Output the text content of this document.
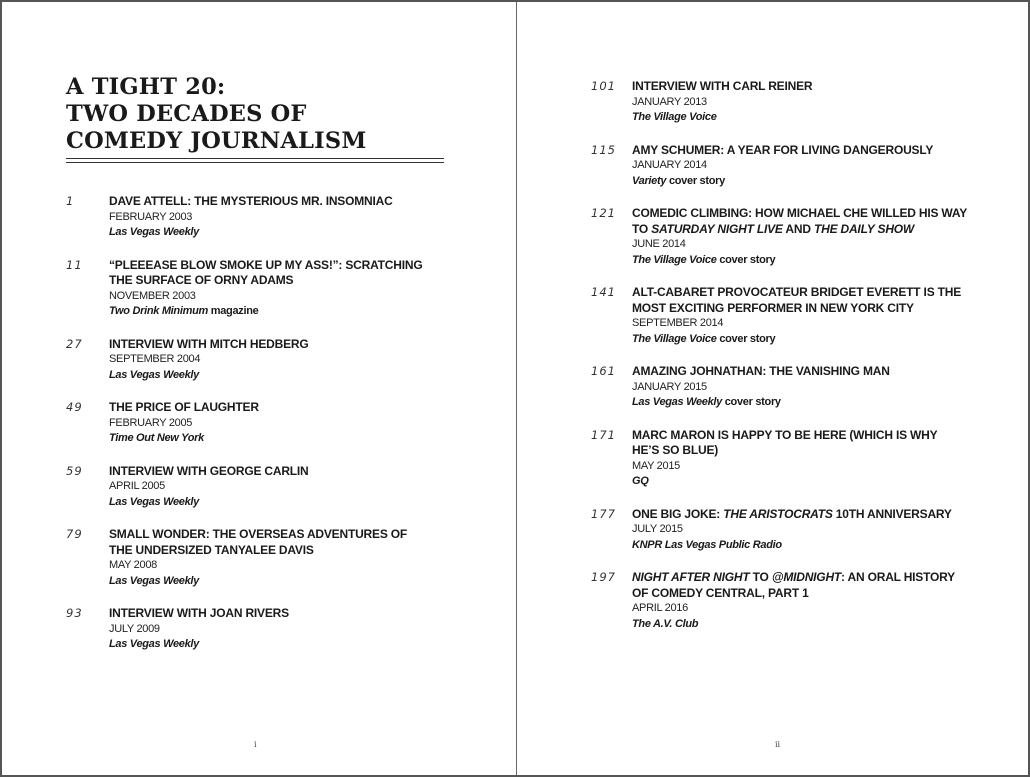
A TIGHT 20:
TWO DECADES OF
COMEDY JOURNALISM
1	DAVE ATTELL: THE MYSTERIOUS MR. INSOMNIAC
FEBRUARY 2003
Las Vegas Weekly
11 “PLEEEASE BLOW SMOKE UP MY ASS!”: SCRATCHING THE SURFACE OF ORNY ADAMS
NOVEMBER 2003
Two Drink Minimum magazine
27 INTERVIEW WITH MITCH HEDBERG
SEPTEMBER 2004
Las Vegas Weekly
49 THE PRICE OF LAUGHTER
FEBRUARY 2005
Time Out New York
59 INTERVIEW WITH GEORGE CARLIN
APRIL 2005
Las Vegas Weekly
79 SMALL WONDER: THE OVERSEAS ADVENTURES OF THE UNDERSIZED TANYALEE DAVIS
MAY 2008
Las Vegas Weekly
93 INTERVIEW WITH JOAN RIVERS
JULY 2009
Las Vegas Weekly
i
101 INTERVIEW WITH CARL REINER
JANUARY 2013
The Village Voice
115 AMY SCHUMER: A YEAR FOR LIVING DANGEROUSLY
JANUARY 2014
Variety cover story
121 COMEDIC CLIMBING: HOW MICHAEL CHE WILLED HIS WAY TO SATURDAY NIGHT LIVE AND THE DAILY SHOW
JUNE 2014
The Village Voice cover story
141 ALT-CABARET PROVOCATEUR BRIDGET EVERETT IS THE MOST EXCITING PERFORMER IN NEW YORK CITY
SEPTEMBER 2014
The Village Voice cover story
161 AMAZING JOHNATHAN: THE VANISHING MAN
JANUARY 2015
Las Vegas Weekly cover story
171 MARC MARON IS HAPPY TO BE HERE (WHICH IS WHY HE’S SO BLUE)
MAY 2015
GQ
177 ONE BIG JOKE: THE ARISTOCRATS 10TH ANNIVERSARY
JULY 2015
KNPR Las Vegas Public Radio
197 NIGHT AFTER NIGHT TO @MIDNIGHT: AN ORAL HISTORY OF COMEDY CENTRAL, PART 1
APRIL 2016
The A.V. Club
ii
